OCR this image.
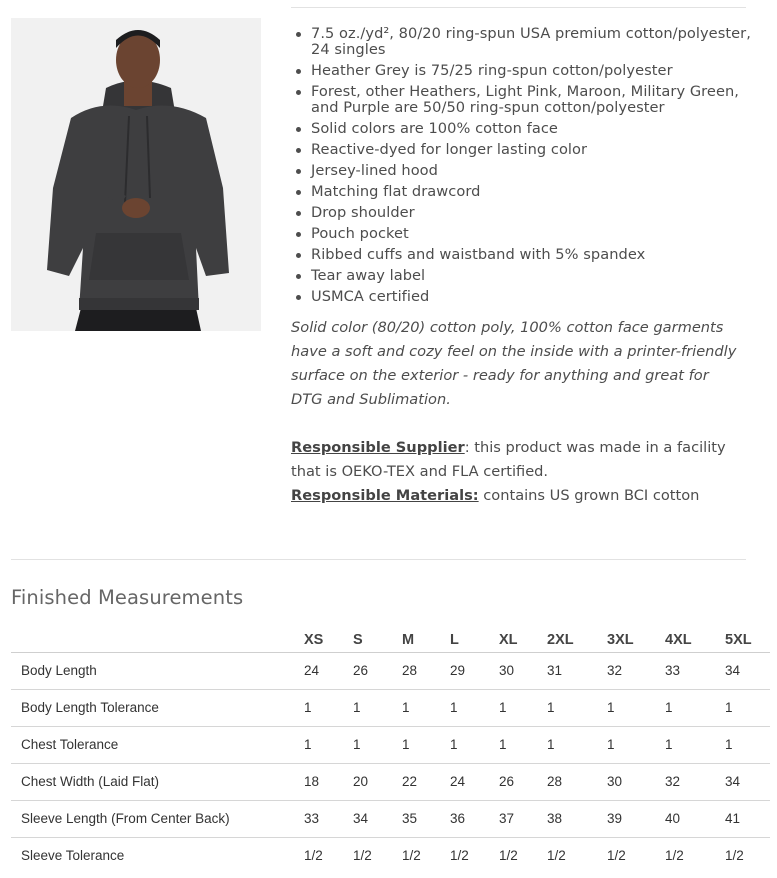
7.5 oz./yd², 80/20 ring-spun USA premium cotton/polyester, 24 singles
Heather Grey is 75/25 ring-spun cotton/polyester
Forest, other Heathers, Light Pink, Maroon, Military Green, and Purple are 50/50 ring-spun cotton/polyester
Solid colors are 100% cotton face
Reactive-dyed for longer lasting color
Jersey-lined hood
Matching flat drawcord
Drop shoulder
Pouch pocket
Ribbed cuffs and waistband with 5% spandex
Tear away label
USMCA certified

Solid color (80/20) cotton poly, 100% cotton face garments have a soft and cozy feel on the inside with a printer-friendly surface on the exterior - ready for anything and great for DTG and Sublimation.

Responsible Supplier: this product was made in a facility that is OEKO-TEX and FLA certified.
Responsible Materials: contains US grown BCI cotton

Finished Measurements
	XS	S	M	L	XL	2XL	3XL	4XL	5XL
Body Length	24	26	28	29	30	31	32	33	34
Body Length Tolerance	1	1	1	1	1	1	1	1	1
Chest Tolerance	1	1	1	1	1	1	1	1	1
Chest Width (Laid Flat)	18	20	22	24	26	28	30	32	34
Sleeve Length (From Center Back)	33	34	35	36	37	38	39	40	41
Sleeve Tolerance	1/2	1/2	1/2	1/2	1/2	1/2	1/2	1/2	1/2
